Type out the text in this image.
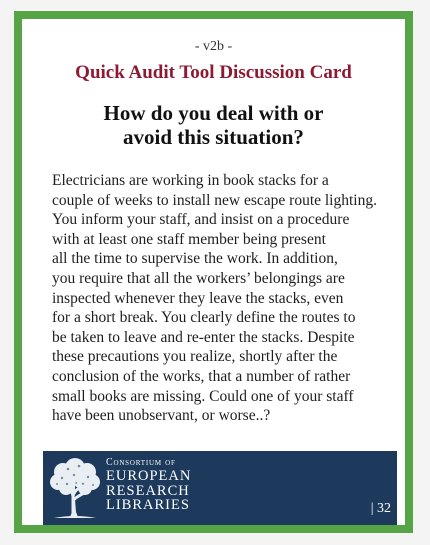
- v2b -
Quick Audit Tool Discussion Card
How do you deal with or
avoid this situation?
Electricians are working in book stacks for a
couple of weeks to install new escape route lighting.
You inform your staff, and insist on a procedure
with at least one staff member being present
all the time to supervise the work. In addition,
you require that all the workers’ belongings are
inspected whenever they leave the stacks, even
for a short break. You clearly define the routes to
be taken to leave and re-enter the stacks. Despite
these precautions you realize, shortly after the
conclusion of the works, that a number of rather
small books are missing. Could one of your staff
have been unobservant, or worse..?
Consortium of
EUROPEAN
RESEARCH
LIBRARIES	| 32
